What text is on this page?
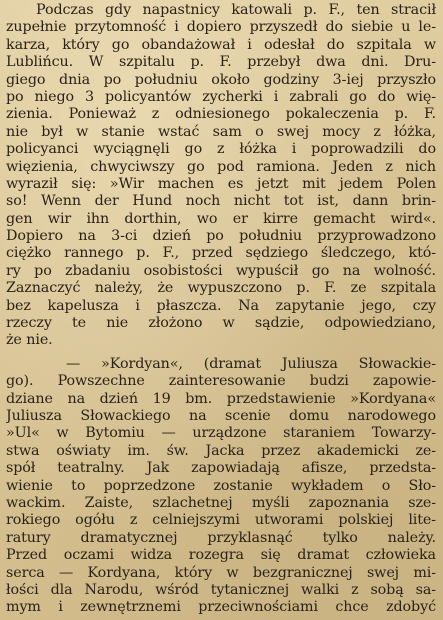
Podczas gdy napastnicy katowali p. F., ten stracił
zupełnie przytomność i dopiero przyszedł do siebie u le-
karza, który go obandażował i odesłał do szpitala w
Lublińcu. W szpitalu p. F. przebył dwa dni. Dru-
giego dnia po południu około godziny 3-iej przyszło
po niego 3 policyantów zycherki i zabrali go do wię-
zienia. Ponieważ z odniesionego pokaleczenia p. F.
nie był w stanie wstać sam o swej mocy z łóżka,
policyanci wyciągnęli go z łóżka i poprowadzili do
więzienia, chwyciwszy go pod ramiona. Jeden z nich
wyraził się: »Wir machen es jetzt mit jedem Polen
so! Wenn der Hund noch nicht tot ist, dann brin-
gen wir ihn dorthin, wo er kirre gemacht wird«.
Dopiero na 3-ci dzień po południu przyprowadzono
ciężko rannego p. F., przed sędziego śledczego, któ-
ry po zbadaniu osobistości wypuścił go na wolność.
Zaznaczyć należy, że wypuszczono p. F. ze szpitala
bez kapelusza i płaszcza. Na zapytanie jego, czy
rzeczy te nie złożono w sądzie, odpowiedziano,
że nie.
— »Kordyan«, (dramat Juliusza Słowackie-
go). Powszechne zainteresowanie budzi zapowie-
dziane na dzień 19 bm. przedstawienie »Kordyana«
Juliusza Słowackiego na scenie domu narodowego
»Ul« w Bytomiu — urządzone staraniem Towarzy-
stwa oświaty im. św. Jacka przez akademicki ze-
spół teatralny. Jak zapowiadają afisze, przedsta-
wienie to poprzedzone zostanie wykładem o Sło-
wackim. Zaiste, szlachetnej myśli zapoznania sze-
rokiego ogółu z celniejszymi utworami polskiej lite-
ratury dramatycznej przyklasnąć tylko należy.
Przed oczami widza rozegra się dramat człowieka
serca — Kordyana, który w bezgranicznej swej mi-
łości dla Narodu, wśród tytanicznej walki z sobą sa-
mym i zewnętrznemi przeciwnościami chce zdobyć
